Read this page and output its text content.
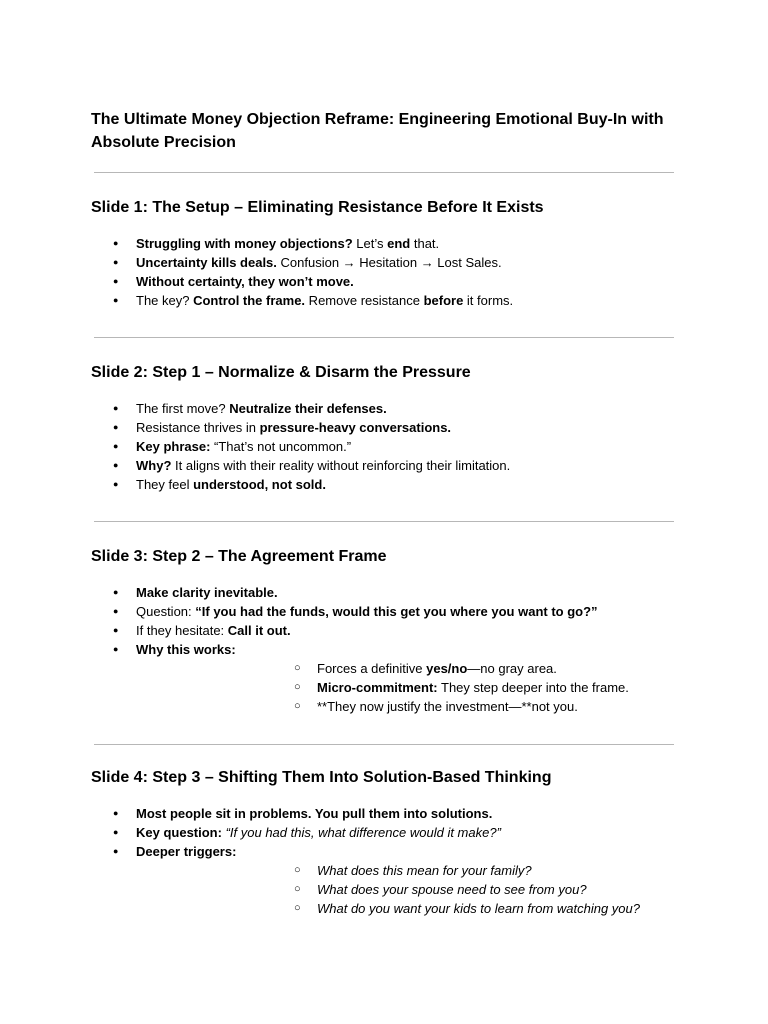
The Ultimate Money Objection Reframe: Engineering Emotional Buy-In with Absolute Precision
Slide 1: The Setup – Eliminating Resistance Before It Exists
● Struggling with money objections? Let’s end that.
● Uncertainty kills deals. Confusion → Hesitation → Lost Sales.
● Without certainty, they won’t move.
● The key? Control the frame. Remove resistance before it forms.
Slide 2: Step 1 – Normalize & Disarm the Pressure
● The first move? Neutralize their defenses.
● Resistance thrives in pressure-heavy conversations.
● Key phrase: “That’s not uncommon.”
● Why? It aligns with their reality without reinforcing their limitation.
● They feel understood, not sold.
Slide 3: Step 2 – The Agreement Frame
● Make clarity inevitable.
● Question: “If you had the funds, would this get you where you want to go?”
● If they hesitate: Call it out.
● Why this works:
○ Forces a definitive yes/no—no gray area.
○ Micro-commitment: They step deeper into the frame.
○ **They now justify the investment—**not you.
Slide 4: Step 3 – Shifting Them Into Solution-Based Thinking
● Most people sit in problems. You pull them into solutions.
● Key question: “If you had this, what difference would it make?”
● Deeper triggers:
○ What does this mean for your family?
○ What does your spouse need to see from you?
○ What do you want your kids to learn from watching you?
